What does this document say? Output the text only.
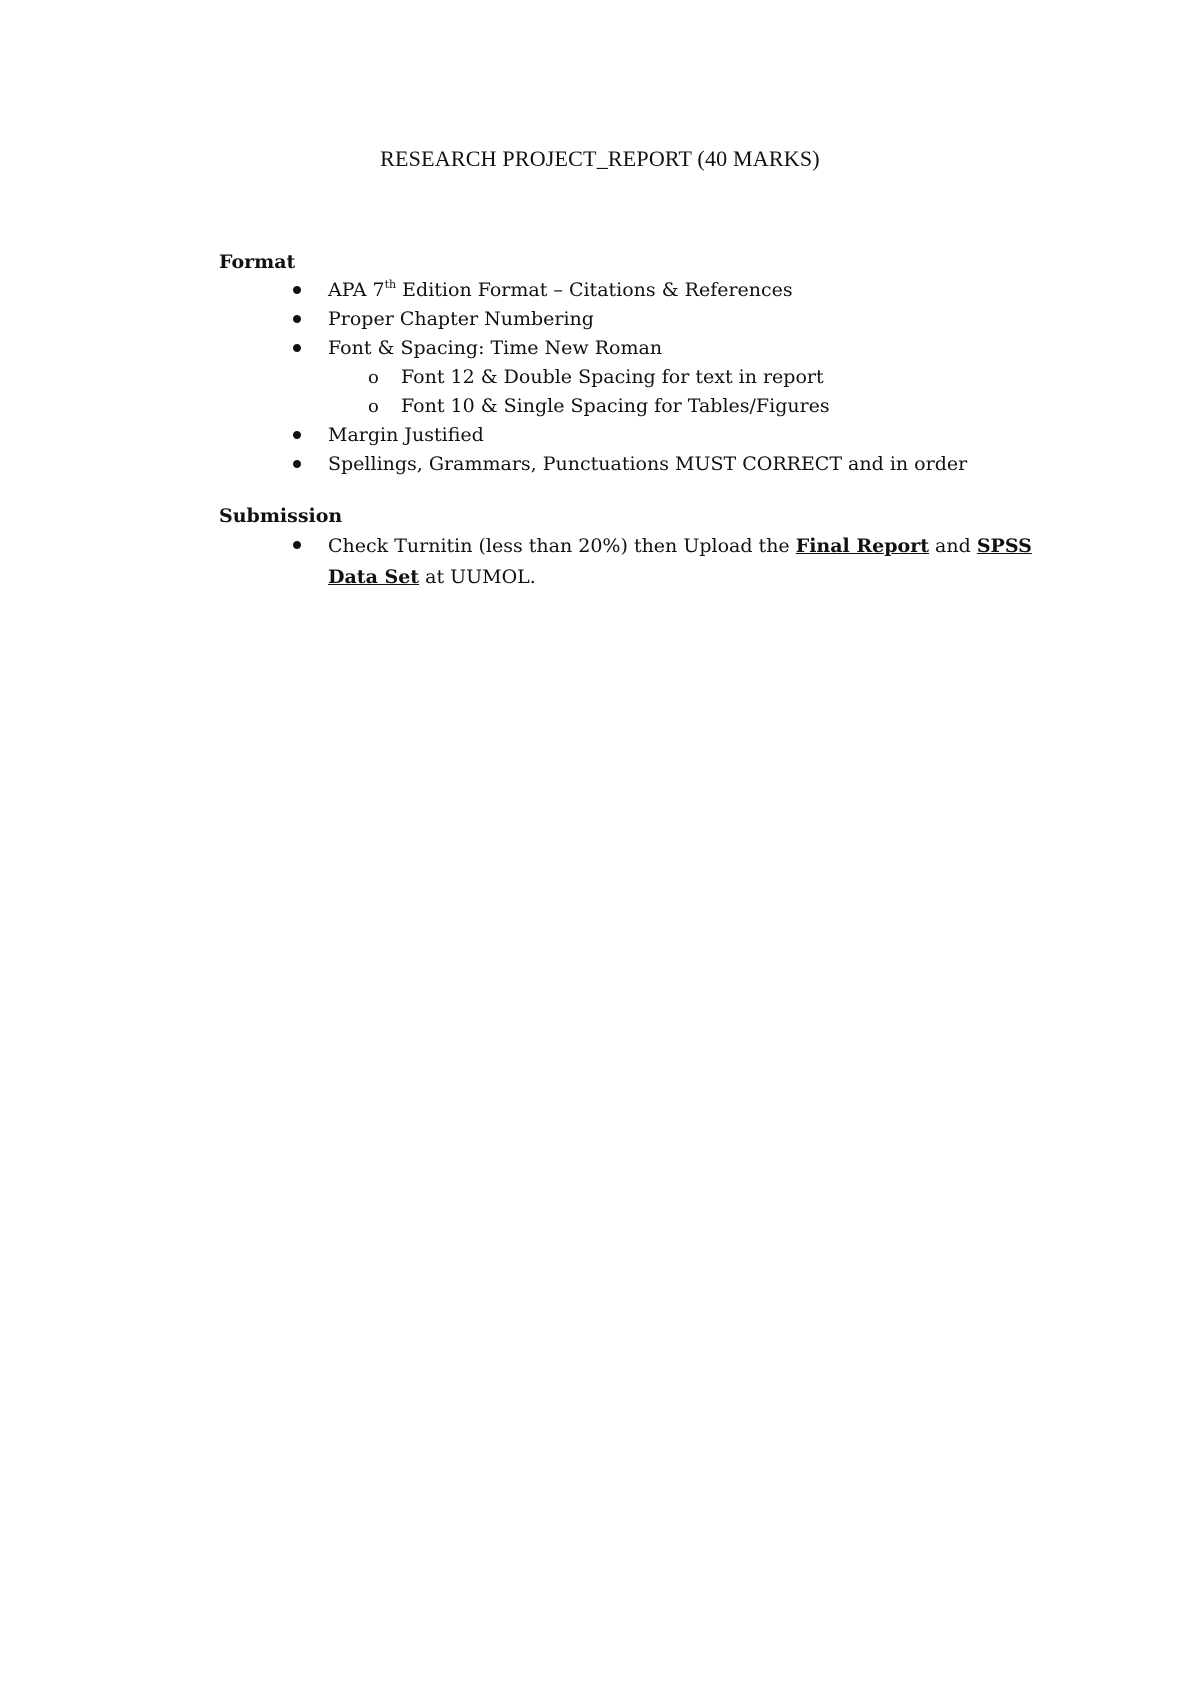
RESEARCH PROJECT_REPORT (40 MARKS)
Format
APA 7th Edition Format – Citations & References
Proper Chapter Numbering
Font & Spacing: Time New Roman
o Font 12 & Double Spacing for text in report
o Font 10 & Single Spacing for Tables/Figures
Margin Justified
Spellings, Grammars, Punctuations MUST CORRECT and in order
Submission
Check Turnitin (less than 20%) then Upload the Final Report and SPSS Data Set at UUMOL.
